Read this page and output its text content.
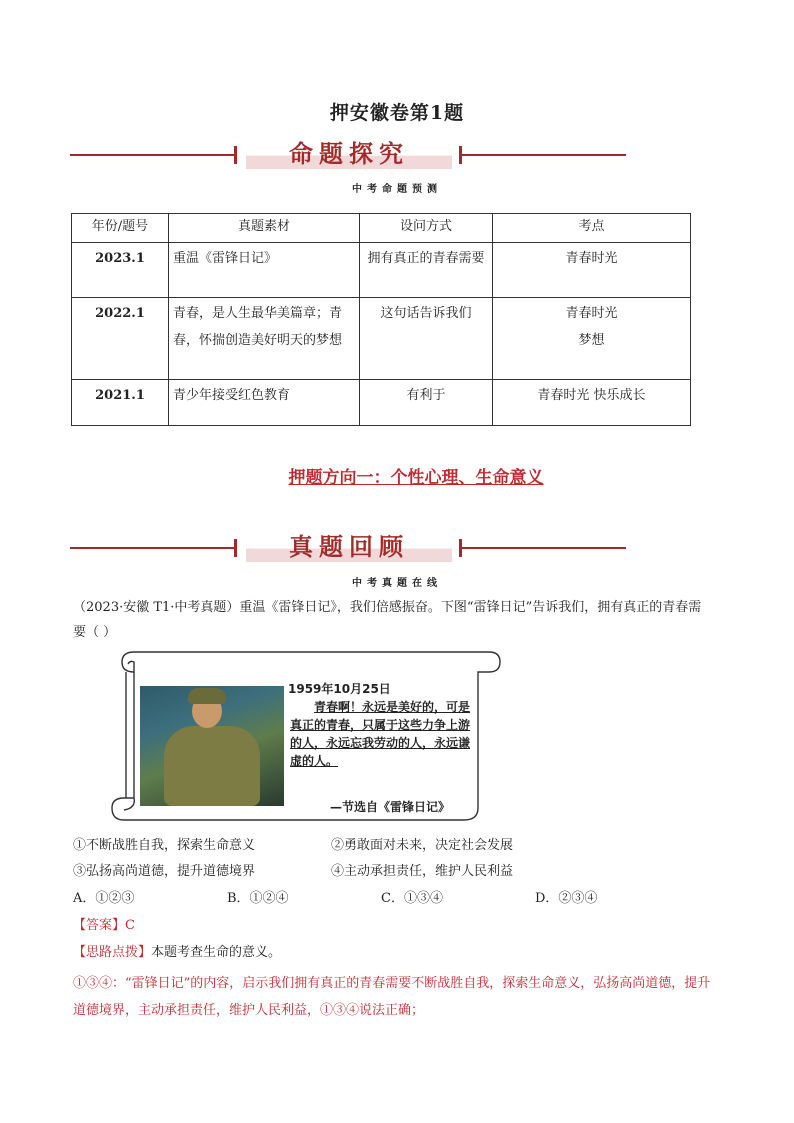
押安徽卷第1题
命题探究
中考命题预测
年份/题号	真题素材	设问方式	考点
2023.1	重温《雷锋日记》	拥有真正的青春需要	青春时光

2022.1	青春，是人生最华美篇章；青春，怀揣创造美好明天的梦想	这句话告诉我们	青春时光
梦想

2021.1	青少年接受红色教育	有利于	青春时光 快乐成长
押题方向一：个性心理、生命意义
真题回顾
中考真题在线
（2023·安徽 T1·中考真题）重温《雷锋日记》，我们倍感振奋。下图“雷锋日记”告诉我们，拥有真正的青春需要（ ）
1959年10月25日
青春啊！永远是美好的，可是真正的青春，只属于这些力争上游的人，永远忘我劳动的人，永远谦虚的人。
—节选自《雷锋日记》
①不断战胜自我，探索生命意义	②勇敢面对未来，决定社会发展
③弘扬高尚道德，提升道德境界	④主动承担责任，维护人民利益
A．①②③	B．①②④	C．①③④	D．②③④
【答案】C
【思路点拨】本题考查生命的意义。
①③④：“雷锋日记”的内容，启示我们拥有真正的青春需要不断战胜自我，探索生命意义，弘扬高尚道德，提升道德境界，主动承担责任，维护人民利益，①③④说法正确；
